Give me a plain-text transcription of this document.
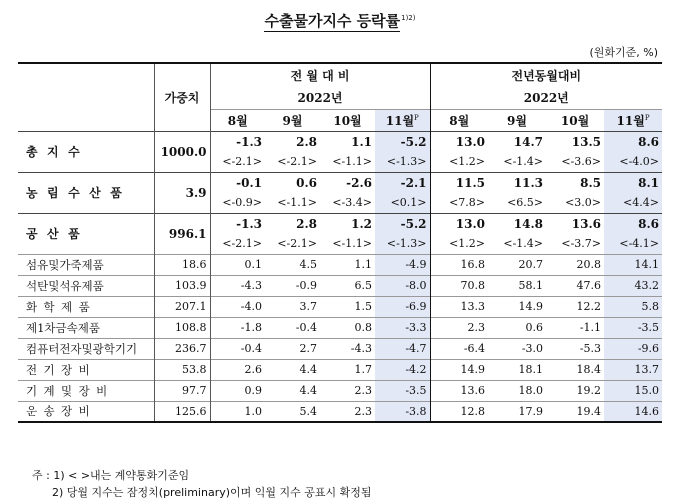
수출물가지수 등락률$^{1)2)}$
(원화기준, %)
	가중치	전 월 대 비				전년동월대비			
		2022년				2022년			
		8월	9월	10월	11월$^P$	8월	9월	10월	11월$^P$
총 지 수	1000.0	-1.3	2.8	1.1	-5.2	13.0	14.7	13.5	8.6
		<-2.1>	<-2.1>	<-1.1>	<-1.3>	<1.2>	<-1.4>	<-3.6>	<-4.0>
농 림 수 산 품	3.9	-0.1	0.6	-2.6	-2.1	11.5	11.3	8.5	8.1
		<-0.9>	<-1.1>	<-3.4>	<0.1>	<7.8>	<6.5>	<3.0>	<4.4>
공 산 품	996.1	-1.3	2.8	1.2	-5.2	13.0	14.8	13.6	8.6
		<-2.1>	<-2.1>	<-1.1>	<-1.3>	<1.2>	<-1.4>	<-3.7>	<-4.1>
섬유및가죽제품	18.6	0.1	4.5	1.1	-4.9	16.8	20.7	20.8	14.1
석탄및석유제품	103.9	-4.3	-0.9	6.5	-8.0	70.8	58.1	47.6	43.2
화 학 제 품	207.1	-4.0	3.7	1.5	-6.9	13.3	14.9	12.2	5.8
제1차금속제품	108.8	-1.8	-0.4	0.8	-3.3	2.3	0.6	-1.1	-3.5
컴퓨터전자및광학기기	236.7	-0.4	2.7	-4.3	-4.7	-6.4	-3.0	-5.3	-9.6
전 기 장 비	53.8	2.6	4.4	1.7	-4.2	14.9	18.1	18.4	13.7
기 계 및 장 비	97.7	0.9	4.4	2.3	-3.5	13.6	18.0	19.2	15.0
운 송 장 비	125.6	1.0	5.4	2.3	-3.8	12.8	17.9	19.4	14.6
주 : 1) < >내는 계약통화기준임
2) 당월 지수는 잠정치(preliminary)이며 익월 지수 공표시 확정됨
